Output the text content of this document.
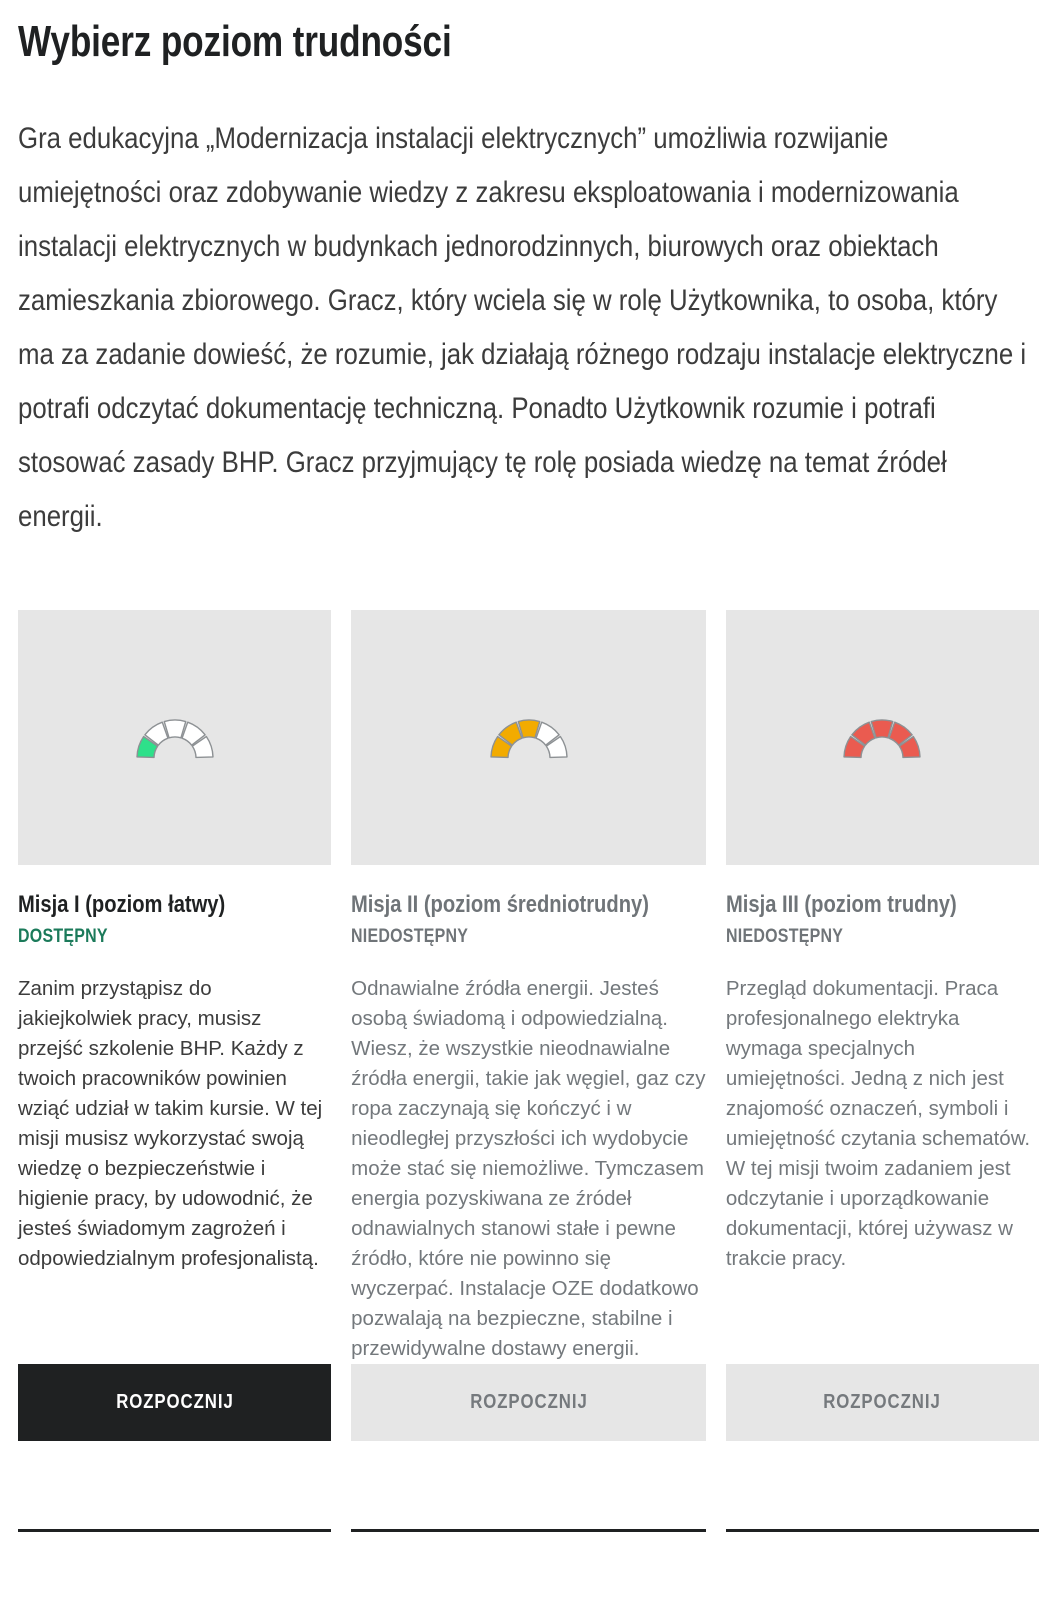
Wybierz poziom trudności

Gra edukacyjna „Modernizacja instalacji elektrycznych” umożliwia rozwijanie umiejętności oraz zdobywanie wiedzy z zakresu eksploatowania i modernizowania instalacji elektrycznych w budynkach jednorodzinnych, biurowych oraz obiektach zamieszkania zbiorowego. Gracz, który wciela się w rolę Użytkownika, to osoba, który ma za zadanie dowieść, że rozumie, jak działają różnego rodzaju instalacje elektryczne i potrafi odczytać dokumentację techniczną. Ponadto Użytkownik rozumie i potrafi stosować zasady BHP. Gracz przyjmujący tę rolę posiada wiedzę na temat źródeł energii.

Misja I (poziom łatwy)
DOSTĘPNY

Zanim przystąpisz do jakiejkolwiek pracy, musisz przejść szkolenie BHP. Każdy z twoich pracowników powinien wziąć udział w takim kursie. W tej misji musisz wykorzystać swoją wiedzę o bezpieczeństwie i higienie pracy, by udowodnić, że jesteś świadomym zagrożeń i odpowiedzialnym profesjonalistą.

ROZPOCZNIJ
Misja II (poziom średniotrudny)
NIEDOSTĘPNY

Odnawialne źródła energii. Jesteś osobą świadomą i odpowiedzialną. Wiesz, że wszystkie nieodnawialne źródła energii, takie jak węgiel, gaz czy ropa zaczynają się kończyć i w nieodległej przyszłości ich wydobycie może stać się niemożliwe. Tymczasem energia pozyskiwana ze źródeł odnawialnych stanowi stałe i pewne źródło, które nie powinno się wyczerpać. Instalacje OZE dodatkowo pozwalają na bezpieczne, stabilne i przewidywalne dostawy energii.

ROZPOCZNIJ
Misja III (poziom trudny)
NIEDOSTĘPNY

Przegląd dokumentacji. Praca profesjonalnego elektryka wymaga specjalnych umiejętności. Jedną z nich jest znajomość oznaczeń, symboli i umiejętność czytania schematów. W tej misji twoim zadaniem jest odczytanie i uporządkowanie dokumentacji, której używasz w trakcie pracy.

ROZPOCZNIJ
